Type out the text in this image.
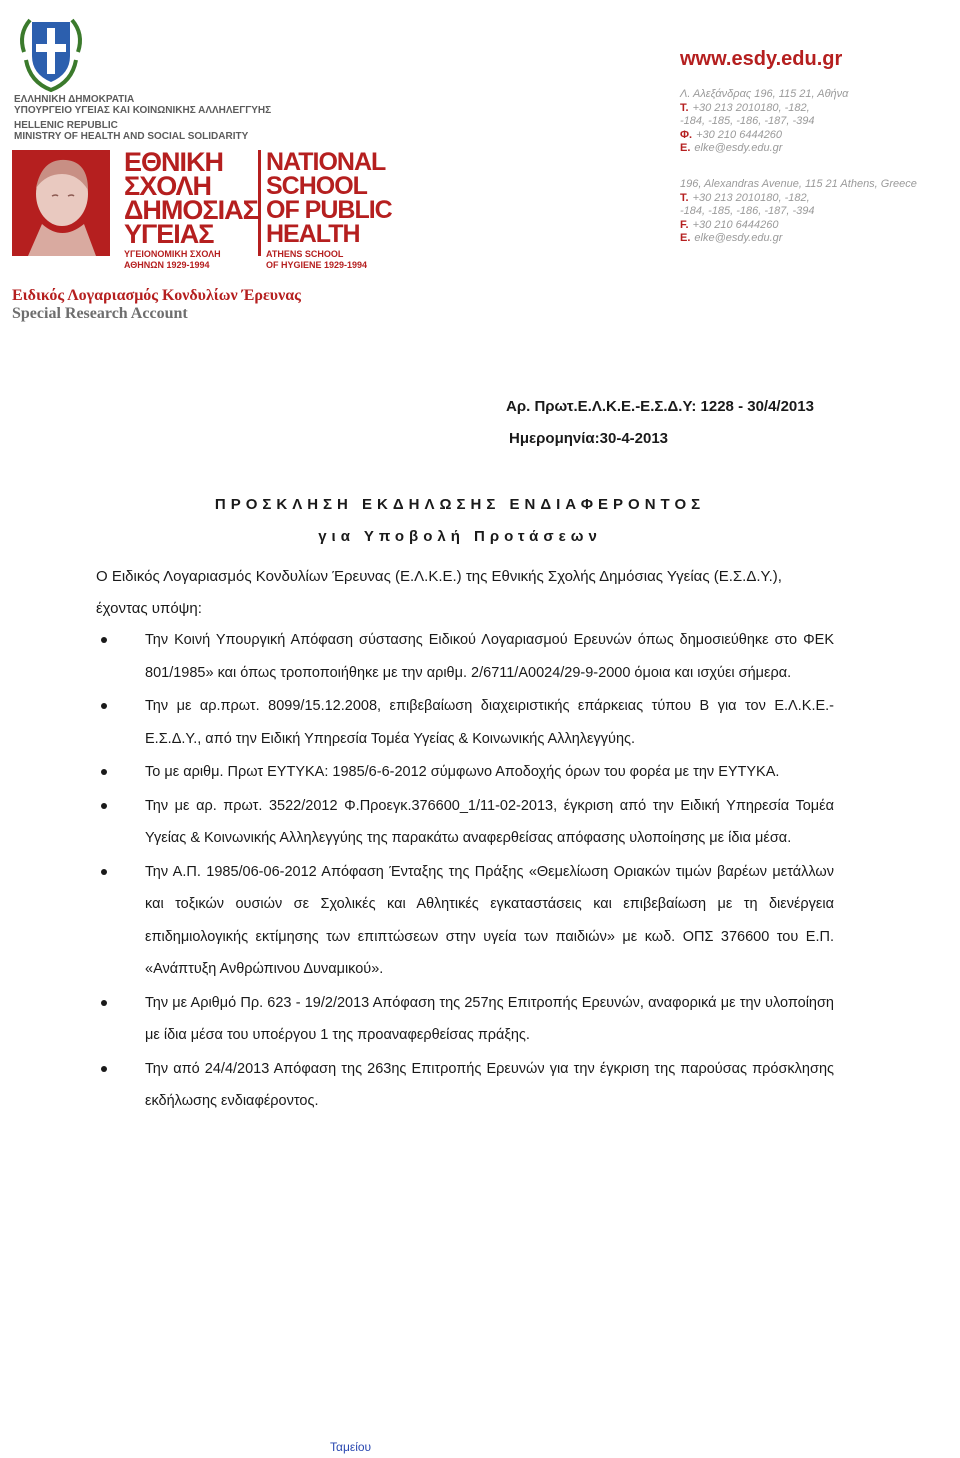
ΕΛΛΗΝΙΚΗ ΔΗΜΟΚΡΑΤΙΑ
ΥΠΟΥΡΓΕΙΟ ΥΓΕΙΑΣ ΚΑΙ ΚΟΙΝΩΝΙΚΗΣ ΑΛΛΗΛΕΓΓΥΗΣ
HELLENIC REPUBLIC
MINISTRY OF HEALTH AND SOCIAL SOLIDARITY
ΕΘΝΙΚΗ
ΣΧΟΛΗ
ΔΗΜΟΣΙΑΣ
ΥΓΕΙΑΣ
ΥΓΕΙΟΝΟΜΙΚΗ ΣΧΟΛΗ
ΑΘΗΝΩΝ 1929-1994
NATIONAL
SCHOOL
OF PUBLIC
HEALTH
ATHENS SCHOOL
OF HYGIENE 1929-1994
www.esdy.edu.gr
Λ. Αλεξάνδρας 196, 115 21, Αθήνα
Τ. +30 213 2010180, -182,
-184, -185, -186, -187, -394
Φ. +30 210 6444260
E. elke@esdy.edu.gr
196, Alexandras Avenue, 115 21 Athens, Greece
T. +30 213 2010180, -182,
-184, -185, -186, -187, -394
F. +30 210 6444260
E. elke@esdy.edu.gr
Ειδικός Λογαριασμός Κονδυλίων Έρευνας
Special Research Account
Αρ. Πρωτ.Ε.Λ.Κ.Ε.-Ε.Σ.Δ.Υ: 1228 - 30/4/2013
Ημερομηνία:30-4-2013
ΠΡΟΣΚΛΗΣΗ ΕΚΔΗΛΩΣΗΣ ΕΝΔΙΑΦΕΡΟΝΤΟΣ
για Υποβολή Προτάσεων
Ο Ειδικός Λογαριασμός Κονδυλίων Έρευνας (Ε.Λ.Κ.Ε.) της Εθνικής Σχολής Δημόσιας Υγείας (Ε.Σ.Δ.Υ.),
έχοντας υπόψη:
Την Κοινή Υπουργική Απόφαση σύστασης Ειδικού Λογαριασμού Ερευνών όπως δημοσιεύθηκε στο ΦΕΚ 801/1985» και όπως τροποποιήθηκε με την αριθμ. 2/6711/Α0024/29-9-2000 όμοια και ισχύει σήμερα.
Την με αρ.πρωτ. 8099/15.12.2008, επιβεβαίωση διαχειριστικής επάρκειας τύπου Β για τον Ε.Λ.Κ.Ε.-Ε.Σ.Δ.Υ., από την Ειδική Υπηρεσία Τομέα Υγείας & Κοινωνικής Αλληλεγγύης.
Το με αριθμ. Πρωτ ΕΥΤΥΚΑ: 1985/6-6-2012 σύμφωνο Αποδοχής όρων του φορέα με την ΕΥΤΥΚΑ.
Την με αρ. πρωτ. 3522/2012 Φ.Προεγκ.376600_1/11-02-2013, έγκριση από την Ειδική Υπηρεσία Τομέα Υγείας & Κοινωνικής Αλληλεγγύης της παρακάτω αναφερθείσας απόφασης υλοποίησης με ίδια μέσα.
Την Α.Π. 1985/06-06-2012 Απόφαση Ένταξης της Πράξης «Θεμελίωση Οριακών τιμών βαρέων μετάλλων και τοξικών ουσιών σε Σχολικές και Αθλητικές εγκαταστάσεις και επιβεβαίωση με τη διενέργεια επιδημιολογικής εκτίμησης των επιπτώσεων στην υγεία των παιδιών» με κωδ. ΟΠΣ 376600 του Ε.Π. «Ανάπτυξη Ανθρώπινου Δυναμικού».
Την με Αριθμό Πρ. 623 - 19/2/2013 Απόφαση της 257ης Επιτροπής Ερευνών, αναφορικά με την υλοποίηση με ίδια μέσα του υποέργου 1 της προαναφερθείσας πράξης.
Την από 24/4/2013 Απόφαση της 263ης Επιτροπής Ερευνών για την έγκριση της παρούσας πρόσκλησης εκδήλωσης ενδιαφέροντος.
Ταμείου
